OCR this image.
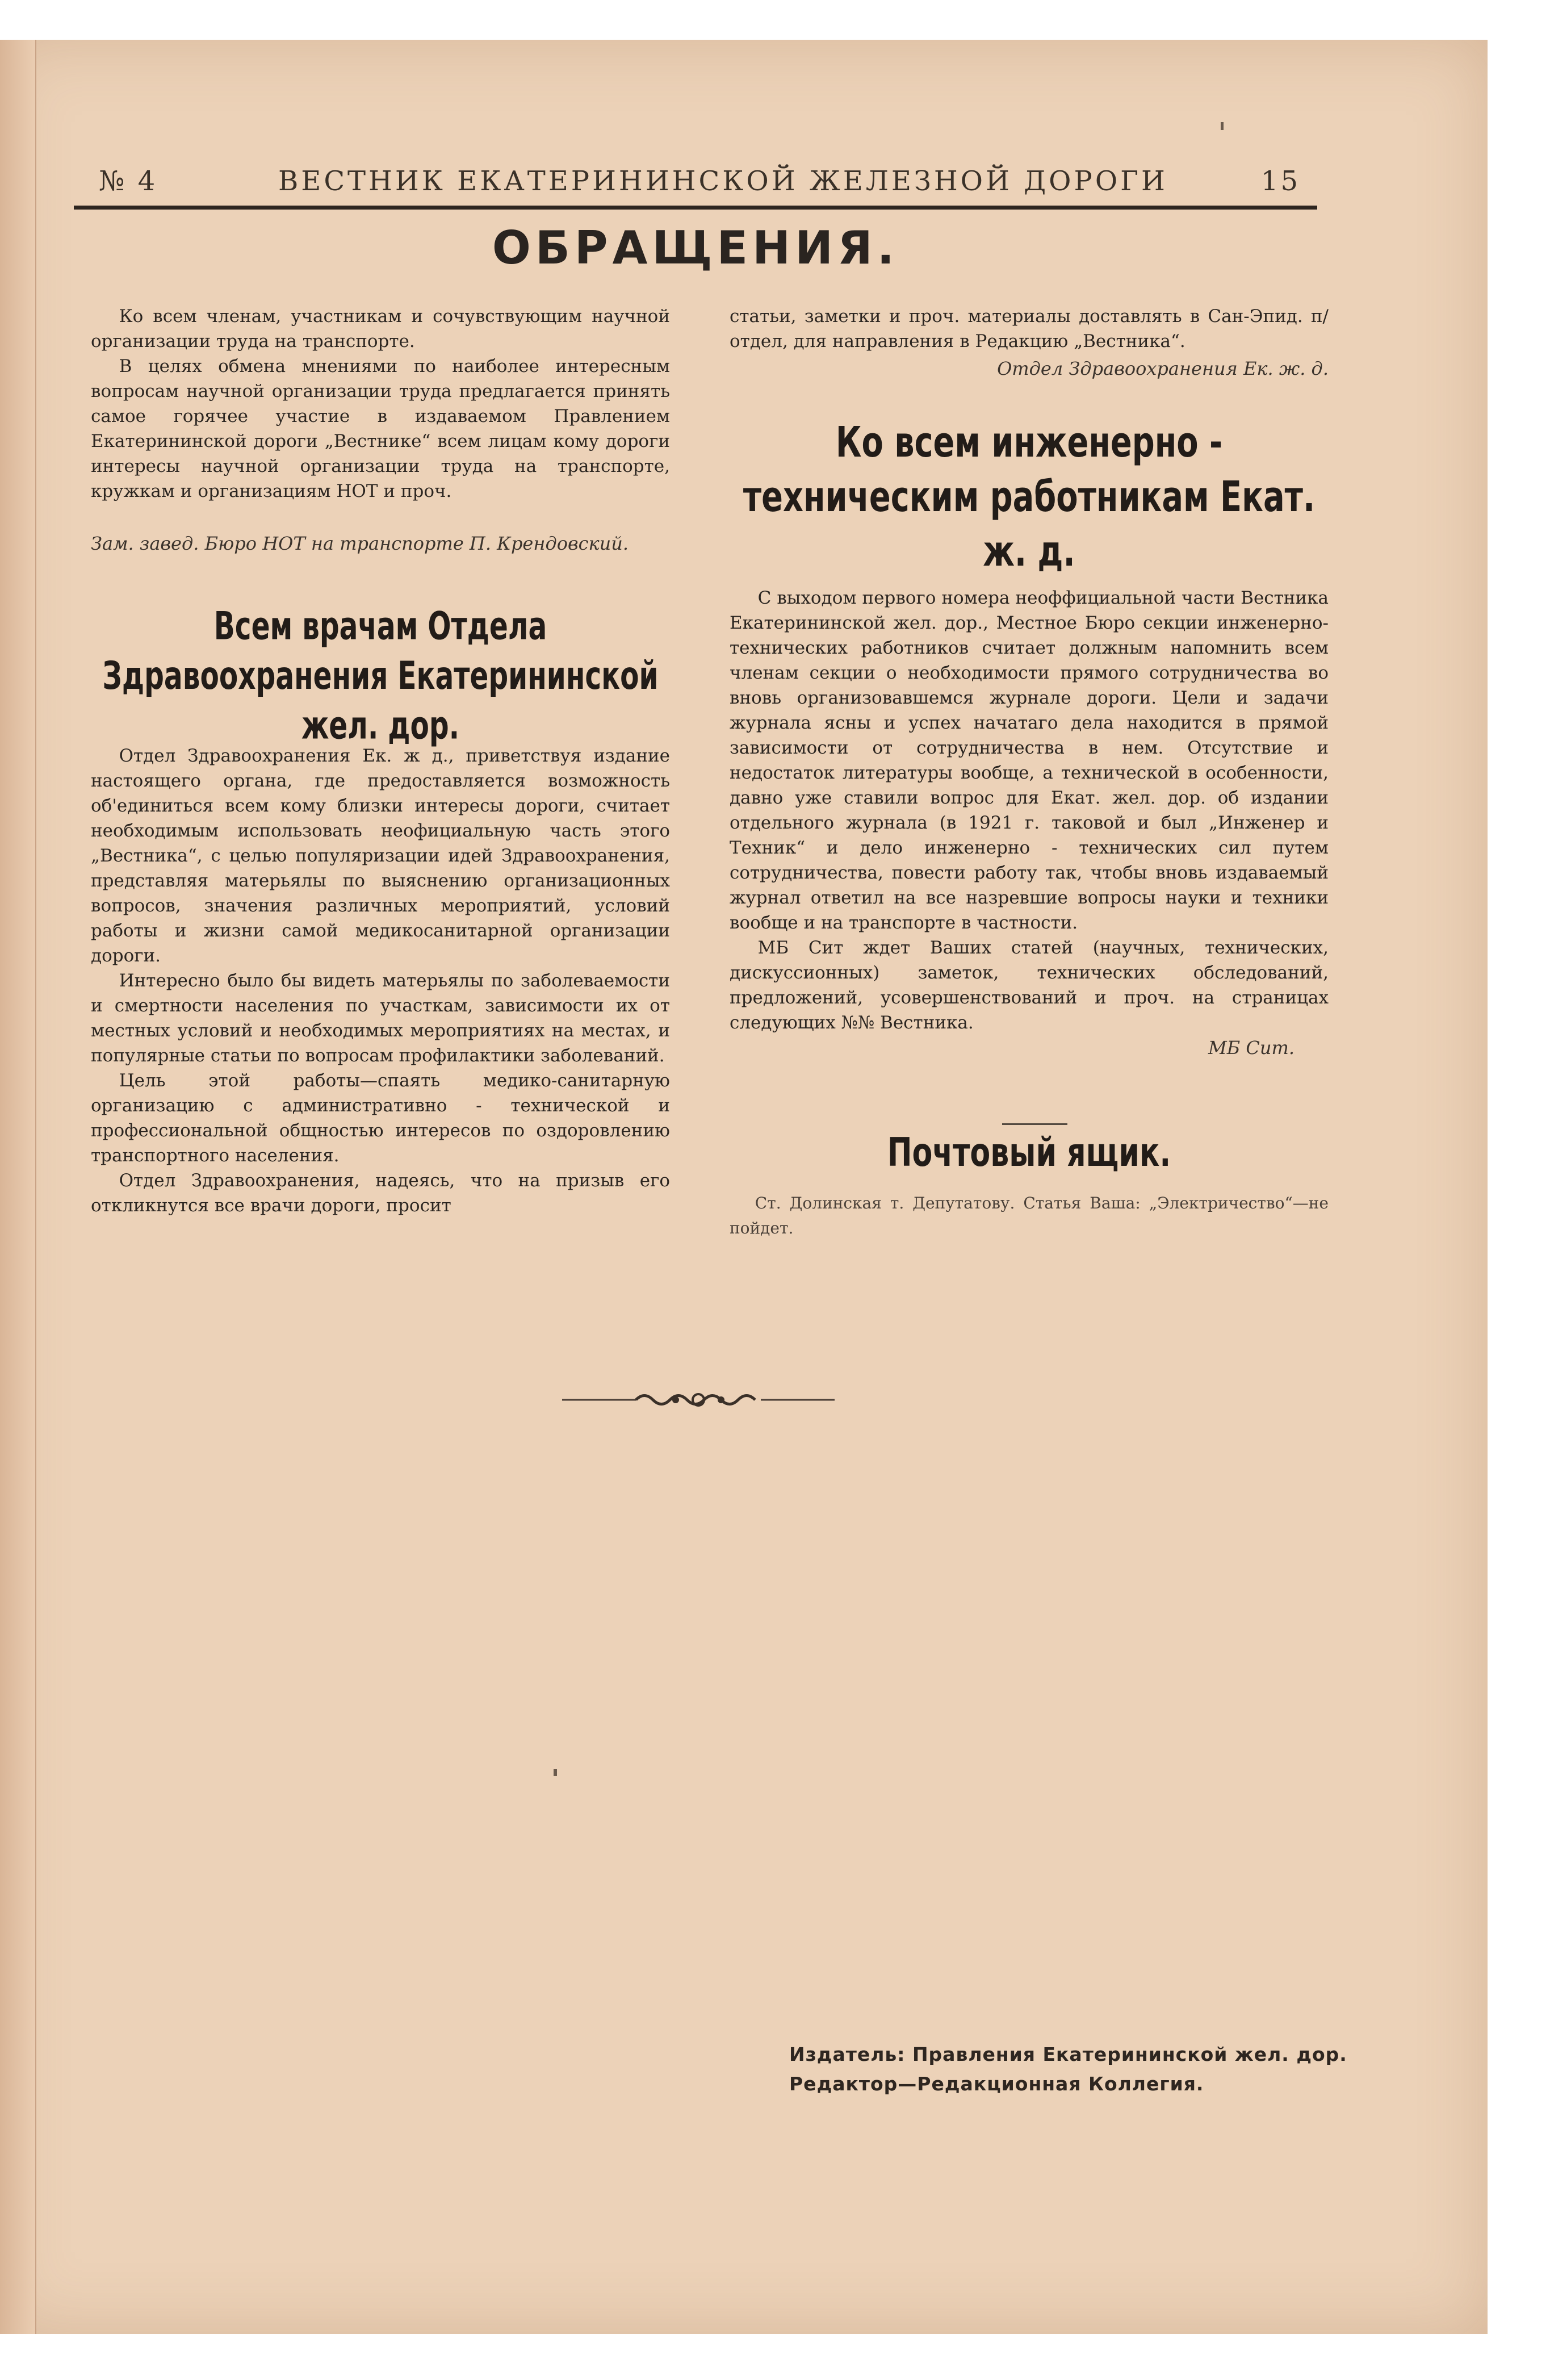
№ 4	ВЕСТНИК ЕКАТЕРИНИНСКОЙ ЖЕЛЕЗНОЙ ДОРОГИ	15
ОБРАЩЕНИЯ.

Ко всем членам, участникам и сочувствующим научной организации труда на транспорте.

В целях обмена мнениями по наиболее интересным вопросам научной организации труда предлагается принять самое горячее участие в издаваемом Правлением Екатерининской дороги „Вестнике“ всем лицам кому дороги интересы научной организации труда на транспорте, кружкам и организациям НОТ и проч.

Зам. завед. Бюро НОТ на транспорте П. Крендовский.
Всем врачам Отдела Здравоохранения Екатерининской жел. дор.

Отдел Здравоохранения Ек. ж д., приветствуя издание настоящего органа, где предоставляется возможность об'единиться всем кому близки интересы дороги, считает необходимым использовать неофициальную часть этого „Вестника“, с целью популяризации идей Здравоохранения, представляя матерьялы по выяснению организационных вопросов, значения различных мероприятий, условий работы и жизни самой медикосанитарной организации дороги.

Интересно было бы видеть матерьялы по заболеваемости и смертности населения по участкам, зависимости их от местных условий и необходимых мероприятиях на местах, и популярные статьи по вопросам профилактики заболеваний.

Цель этой работы—спаять медико-санитарную организацию с административно - технической и профессиональной общностью интересов по оздоровлению транспортного населения.

Отдел Здравоохранения, надеясь, что на призыв его откликнутся все врачи дороги, просит

статьи, заметки и проч. материалы доставлять в Сан-Эпид. п/отдел, для направления в Редакцию „Вестника“.

Отдел Здравоохранения Ек. ж. д.
Ко всем инженерно - техническим работникам Екат. ж. д.

С выходом первого номера неоффициальной части Вестника Екатерининской жел. дор., Местное Бюро секции инженерно-технических работников считает должным напомнить всем членам секции о необходимости прямого сотрудничества во вновь организовавшемся журнале дороги. Цели и задачи журнала ясны и успех начатаго дела находится в прямой зависимости от сотрудничества в нем. Отсутствие и недостаток литературы вообще, а технической в особенности, давно уже ставили вопрос для Екат. жел. дор. об издании отдельного журнала (в 1921 г. таковой и был „Инженер и Техник“ и дело инженерно - технических сил путем сотрудничества, повести работу так, чтобы вновь издаваемый журнал ответил на все назревшие вопросы науки и техники вообще и на транспорте в частности.

МБ Сит ждет Ваших статей (научных, технических, дискуссионных) заметок, технических обследований, предложений, усовершенствований и проч. на страницах следующих №№ Вестника.

МБ Сит.
Почтовый ящик.

Ст. Долинская т. Депутатову. Статья Ваша: „Электричество“—не пойдет.

Издатель: Правления Екатерининской жел. дор.
Редактор—Редакционная Коллегия.
